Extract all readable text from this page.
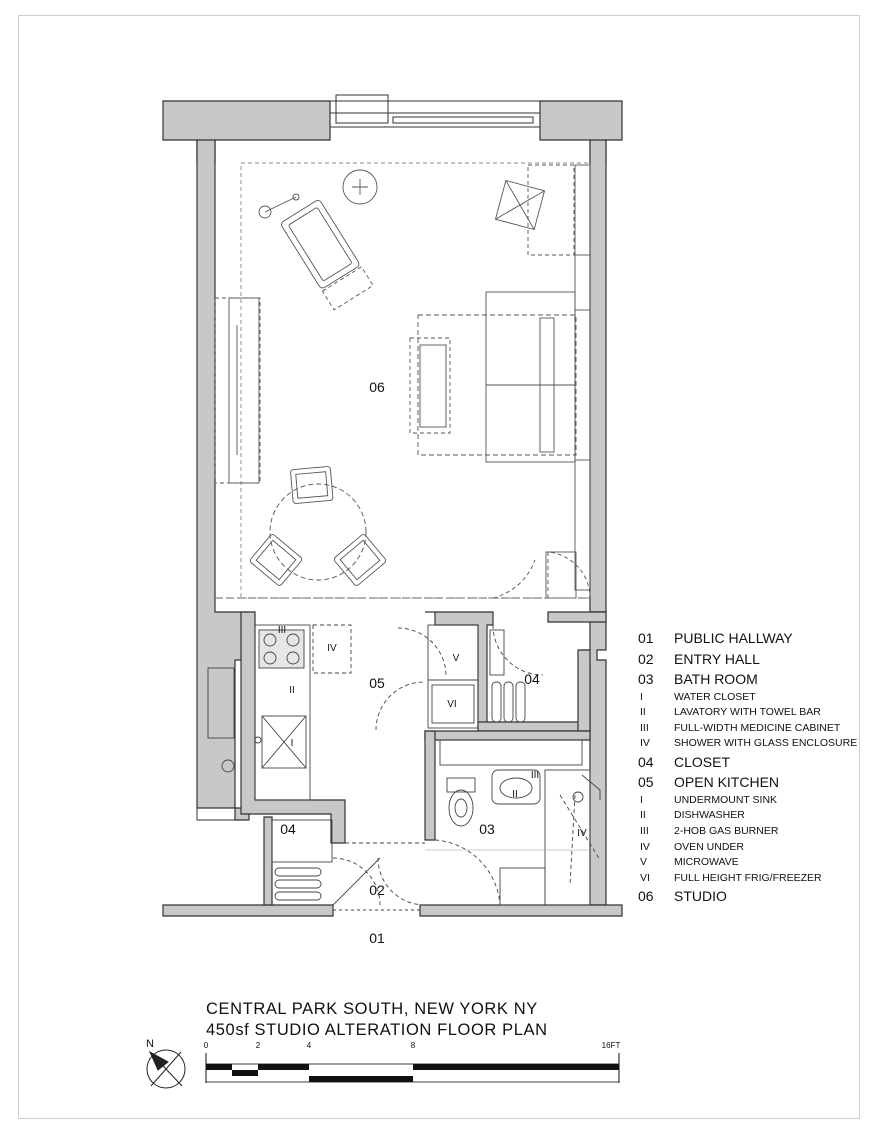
06
05	04
04	03
02
01
III
IV
II
I
V
VI
III
II
IV
N	0	2	4	8	16FT
01 PUBLIC HALLWAY
02 ENTRY HALL
03 BATH ROOM
I	WATER CLOSET
II	LAVATORY WITH TOWEL BAR
III FULL-WIDTH MEDICINE CABINET
IV SHOWER WITH GLASS ENCLOSURE
04 CLOSET
05 OPEN KITCHEN
I	UNDERMOUNT SINK
II	DISHWASHER
III 2-HOB GAS BURNER
IV OVEN UNDER
V	MICROWAVE
VI FULL HEIGHT FRIG/FREEZER
06 STUDIO
CENTRAL PARK SOUTH, NEW YORK NY
450sf STUDIO ALTERATION FLOOR PLAN
